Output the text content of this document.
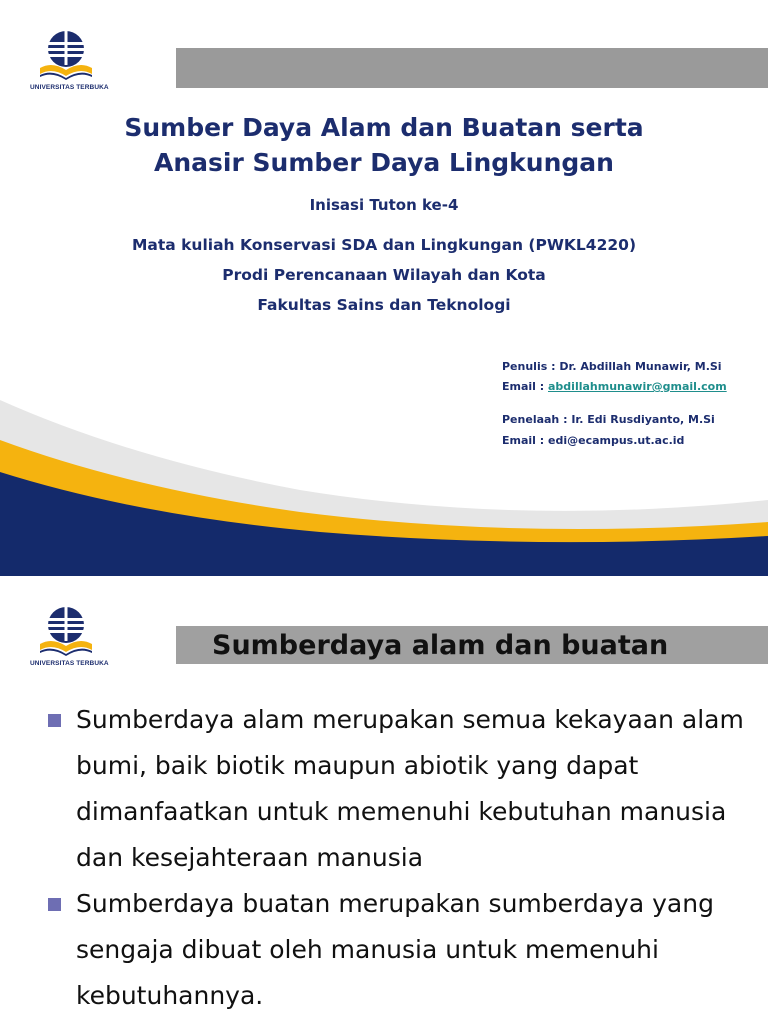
UNIVERSITAS TERBUKA
Sumber Daya Alam dan Buatan serta
Anasir Sumber Daya Lingkungan
Inisasi Tuton ke-4
Mata kuliah Konservasi SDA dan Lingkungan (PWKL4220)
Prodi Perencanaan Wilayah dan Kota
Fakultas Sains dan Teknologi
Penulis : Dr. Abdillah Munawir, M.Si
Email : abdillahmunawir@gmail.com
Penelaah : Ir. Edi Rusdiyanto, M.Si
Email : edi@ecampus.ut.ac.id
UNIVERSITAS TERBUKA
Sumberdaya alam dan buatan
Sumberdaya alam merupakan semua kekayaan alam bumi, baik biotik maupun abiotik yang dapat dimanfaatkan untuk memenuhi kebutuhan manusia dan kesejahteraan manusia
Sumberdaya buatan merupakan sumberdaya yang sengaja dibuat oleh manusia untuk memenuhi kebutuhannya.
